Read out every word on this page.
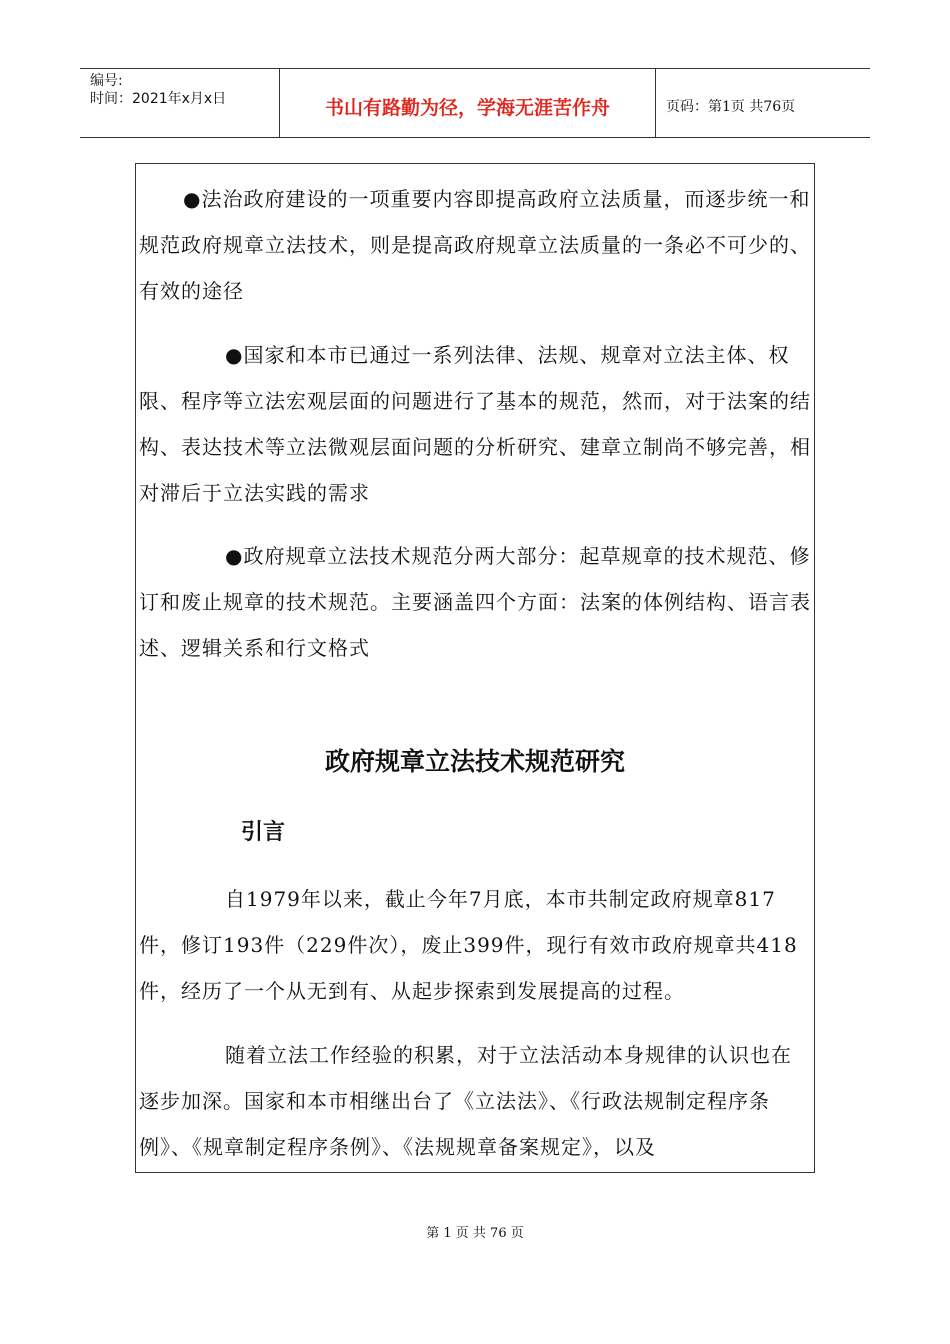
编号:
时间：2021年x月x日	书山有路勤为径，学海无涯苦作舟	页码：第1页 共76页

●法治政府建设的一项重要内容即提高政府立法质量，而逐步统一和规范政府规章立法技术，则是提高政府规章立法质量的一条必不可少的、有效的途径

●国家和本市已通过一系列法律、法规、规章对立法主体、权限、程序等立法宏观层面的问题进行了基本的规范，然而，对于法案的结构、表达技术等立法微观层面问题的分析研究、建章立制尚不够完善，相对滞后于立法实践的需求

●政府规章立法技术规范分两大部分：起草规章的技术规范、修订和废止规章的技术规范。主要涵盖四个方面：法案的体例结构、语言表述、逻辑关系和行文格式

政府规章立法技术规范研究
引言

自1979年以来，截止今年7月底，本市共制定政府规章817件，修订193件（229件次），废止399件，现行有效市政府规章共418件，经历了一个从无到有、从起步探索到发展提高的过程。

随着立法工作经验的积累，对于立法活动本身规律的认识也在逐步加深。国家和本市相继出台了《立法法》、《行政法规制定程序条例》、《规章制定程序条例》、《法规规章备案规定》，以及

第 1 页 共 76 页
